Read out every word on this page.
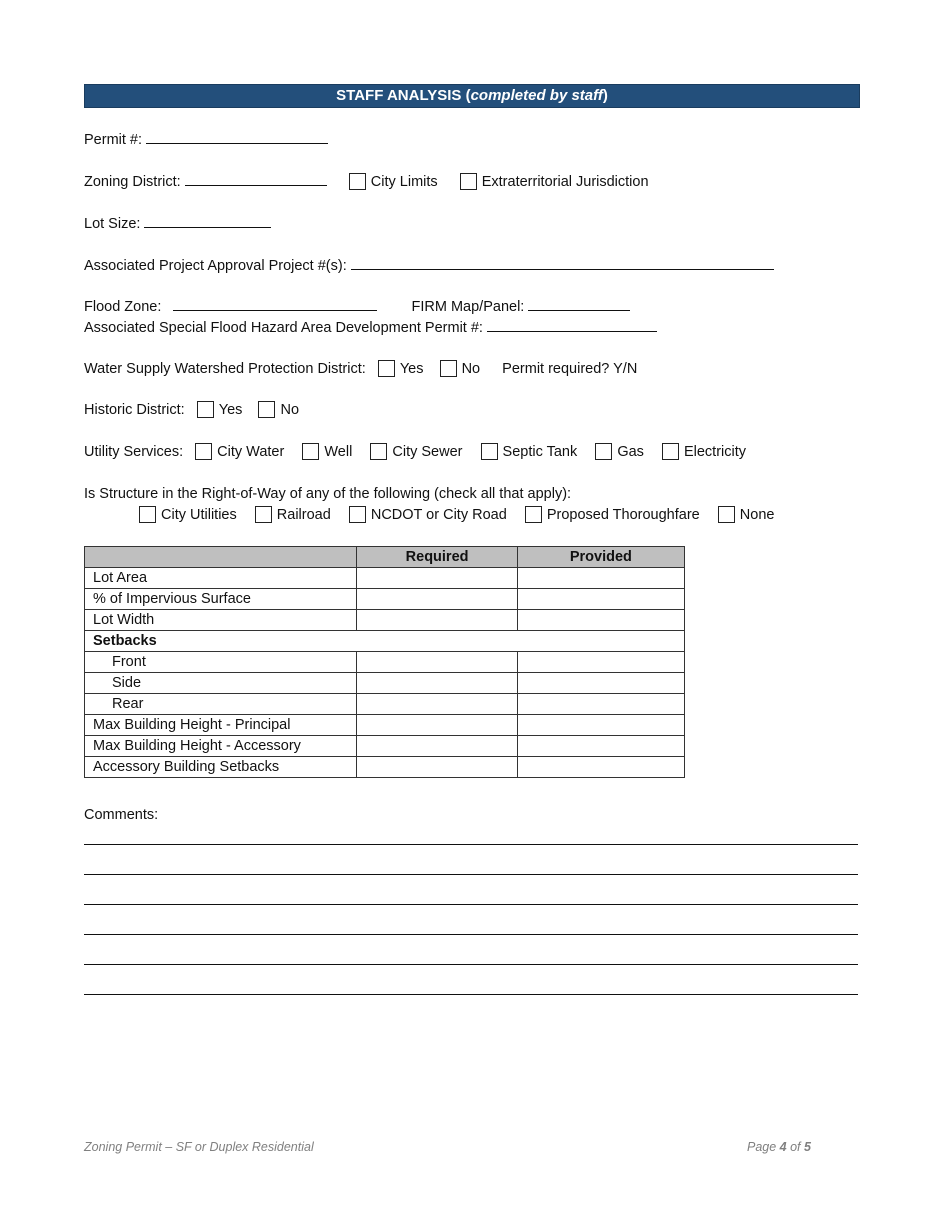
STAFF ANALYSIS (completed by staff)
Permit #:
Zoning District:	City Limits	Extraterritorial Jurisdiction
Lot Size:
Associated Project Approval Project #(s):
Flood Zone:	FIRM Map/Panel:
Associated Special Flood Hazard Area Development Permit #:
Water Supply Watershed Protection District: Yes	No Permit required? Y/N
Historic District: Yes	No
Utility Services: City Water	Well	City Sewer	Septic Tank	Gas	Electricity
Is Structure in the Right-of-Way of any of the following (check all that apply):
City Utilities	Railroad	NCDOT or City Road	Proposed Thoroughfare	None
	Required	Provided
Lot Area		
% of Impervious Surface		
Lot Width		
Setbacks		
Front		
Side		
Rear		
Max Building Height - Principal		
Max Building Height - Accessory		
Accessory Building Setbacks		
Comments:
Zoning Permit – SF or Duplex Residential	Page 4 of 5
